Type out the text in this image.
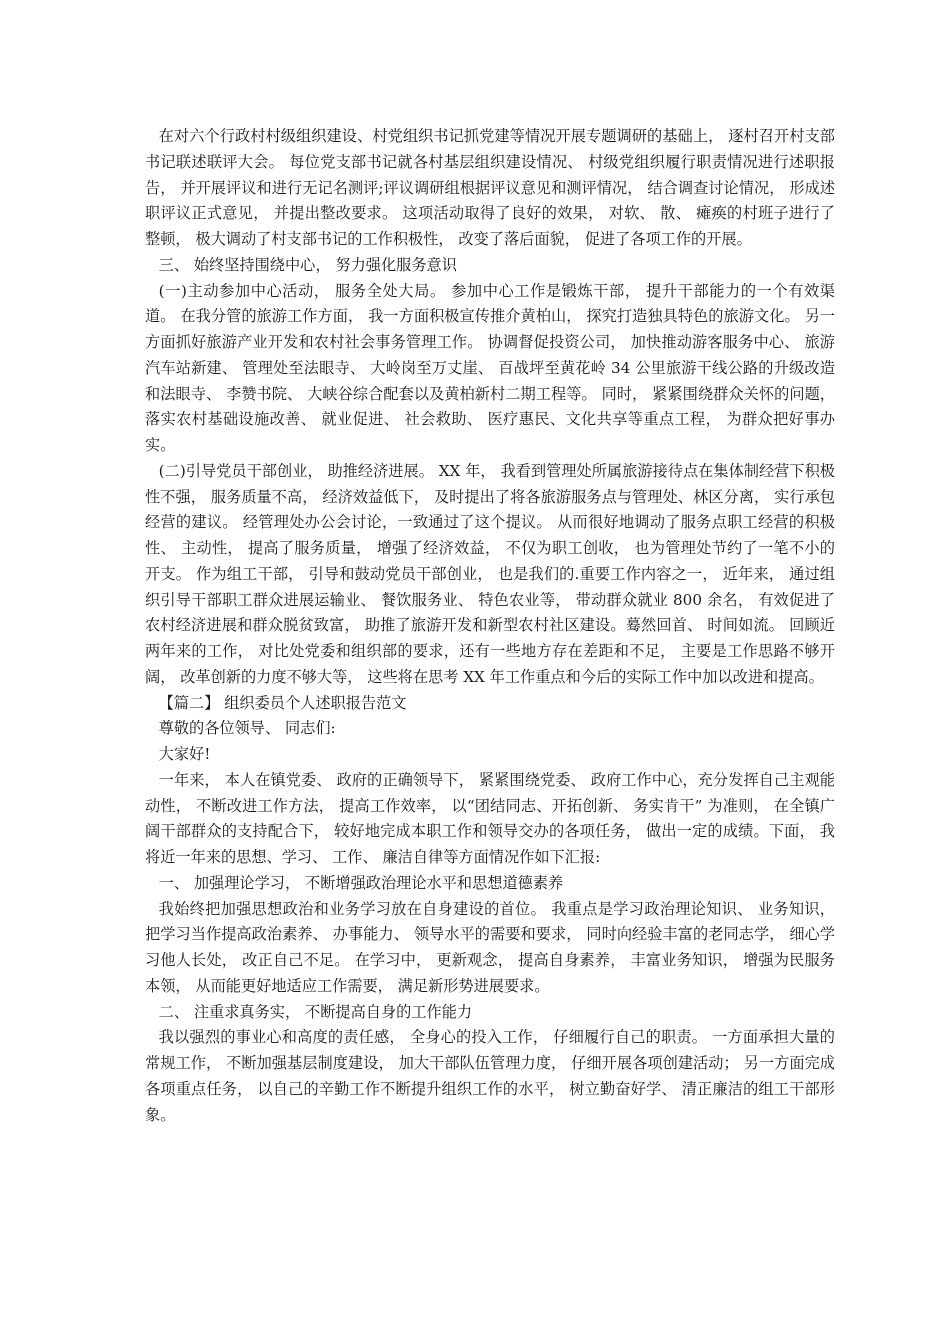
在对六个行政村村级组织建设、村党组织书记抓党建等情况开展专题调研的基础上， 逐村召开村支部书记联述联评大会。 每位党支部书记就各村基层组织建设情况、 村级党组织履行职责情况进行述职报告， 并开展评议和进行无记名测评;评议调研组根据评议意见和测评情况， 结合调查讨论情况， 形成述职评议正式意见， 并提出整改要求。 这项活动取得了良好的效果， 对软、 散、 瘫痪的村班子进行了整顿， 极大调动了村支部书记的工作积极性， 改变了落后面貌， 促进了各项工作的开展。

三、 始终坚持围绕中心， 努力强化服务意识

(一)主动参加中心活动， 服务全处大局。 参加中心工作是锻炼干部， 提升干部能力的一个有效渠道。 在我分管的旅游工作方面， 我一方面积极宣传推介黄柏山， 探究打造独具特色的旅游文化。 另一方面抓好旅游产业开发和农村社会事务管理工作。 协调督促投资公司， 加快推动游客服务中心、 旅游汽车站新建、 管理处至法眼寺、 大岭岗至万丈崖、 百战坪至黄花岭 34 公里旅游干线公路的升级改造和法眼寺、 李赞书院、 大峡谷综合配套以及黄柏新村二期工程等。 同时， 紧紧围绕群众关怀的问题， 落实农村基础设施改善、 就业促进、 社会救助、 医疗惠民、文化共享等重点工程， 为群众把好事办实。

(二)引导党员干部创业， 助推经济进展。 XX 年， 我看到管理处所属旅游接待点在集体制经营下积极性不强， 服务质量不高， 经济效益低下， 及时提出了将各旅游服务点与管理处、林区分离， 实行承包经营的建议。 经管理处办公会讨论，一致通过了这个提议。 从而很好地调动了服务点职工经营的积极性、 主动性， 提高了服务质量， 增强了经济效益， 不仅为职工创收， 也为管理处节约了一笔不小的开支。 作为组工干部， 引导和鼓动党员干部创业， 也是我们的.重要工作内容之一， 近年来， 通过组织引导干部职工群众进展运输业、 餐饮服务业、 特色农业等， 带动群众就业 800 余名， 有效促进了农村经济进展和群众脱贫致富， 助推了旅游开发和新型农村社区建设。蓦然回首、 时间如流。 回顾近两年来的工作， 对比处党委和组织部的要求，还有一些地方存在差距和不足， 主要是工作思路不够开阔， 改革创新的力度不够大等， 这些将在思考 XX 年工作重点和今后的实际工作中加以改进和提高。

【篇二】 组织委员个人述职报告范文

尊敬的各位领导、 同志们:

大家好!

一年来， 本人在镇党委、 政府的正确领导下， 紧紧围绕党委、 政府工作中心，充分发挥自己主观能动性， 不断改进工作方法， 提高工作效率， 以“团结同志、开拓创新、 务实肯干” 为准则， 在全镇广阔干部群众的支持配合下， 较好地完成本职工作和领导交办的各项任务， 做出一定的成绩。下面， 我将近一年来的思想、学习、 工作、 廉洁自律等方面情况作如下汇报:

一、 加强理论学习， 不断增强政治理论水平和思想道德素养

我始终把加强思想政治和业务学习放在自身建设的首位。 我重点是学习政治理论知识、 业务知识， 把学习当作提高政治素养、 办事能力、 领导水平的需要和要求， 同时向经验丰富的老同志学， 细心学习他人长处， 改正自己不足。 在学习中， 更新观念， 提高自身素养， 丰富业务知识， 增强为民服务本领， 从而能更好地适应工作需要， 满足新形势进展要求。

二、 注重求真务实， 不断提高自身的工作能力

我以强烈的事业心和高度的责任感， 全身心的投入工作， 仔细履行自己的职责。 一方面承担大量的常规工作， 不断加强基层制度建设， 加大干部队伍管理力度， 仔细开展各项创建活动； 另一方面完成各项重点任务， 以自己的辛勤工作不断提升组织工作的水平， 树立勤奋好学、 清正廉洁的组工干部形象。
